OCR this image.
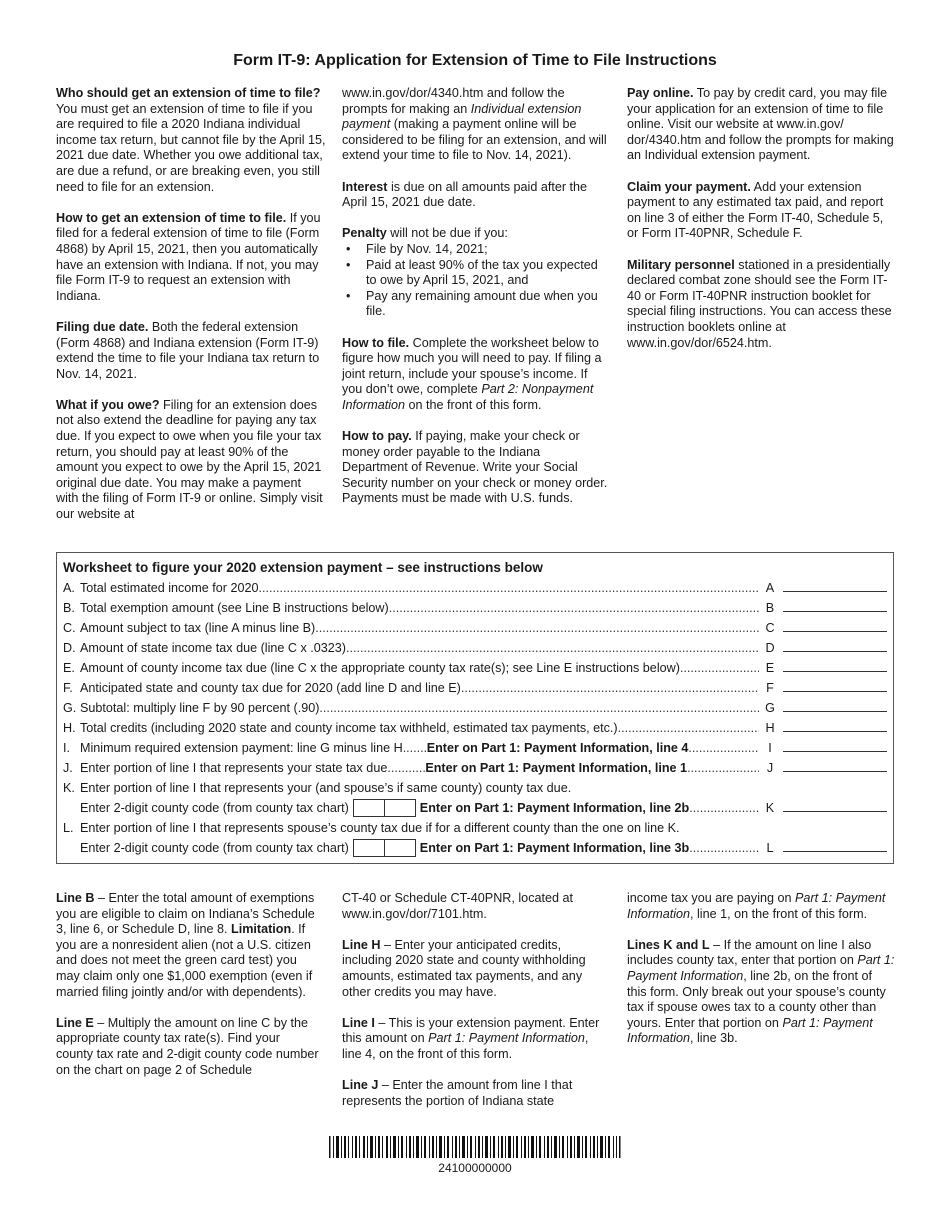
Form IT-9: Application for Extension of Time to File Instructions

Who should get an extension of time to file? You must get an extension of time to file if you are required to file a 2020 Indiana individual income tax return, but cannot file by the April 15, 2021 due date. Whether you owe additional tax, are due a refund, or are breaking even, you still need to file for an extension.

How to get an extension of time to file. If you filed for a federal extension of time to file (Form 4868) by April 15, 2021, then you automatically have an extension with Indiana. If not, you may file Form IT-9 to request an extension with Indiana.

Filing due date. Both the federal extension (Form 4868) and Indiana extension (Form IT-9) extend the time to file your Indiana tax return to Nov. 14, 2021.

What if you owe? Filing for an extension does not also extend the deadline for paying any tax due. If you expect to owe when you file your tax return, you should pay at least 90% of the amount you expect to owe by the April 15, 2021 original due date. You may make a payment with the filing of Form IT-9 or online. Simply visit our website at

www.in.gov/dor/4340.htm and follow the prompts for making an Individual extension payment (making a payment online will be considered to be filing for an extension, and will extend your time to file to Nov. 14, 2021).

Interest is due on all amounts paid after the April 15, 2021 due date.

Penalty will not be due if you:

• File by Nov. 14, 2021;
• Paid at least 90% of the tax you expected to owe by April 15, 2021, and
• Pay any remaining amount due when you file.

How to file. Complete the worksheet below to figure how much you will need to pay. If filing a joint return, include your spouse’s income. If you don’t owe, complete Part 2: Nonpayment Information on the front of this form.

How to pay. If paying, make your check or money order payable to the Indiana Department of Revenue. Write your Social Security number on your check or money order. Payments must be made with U.S. funds.

Pay online. To pay by credit card, you may file your application for an extension of time to file online. Visit our website at www.in.gov/ dor/4340.htm and follow the prompts for making an Individual extension payment.

Claim your payment. Add your extension payment to any estimated tax paid, and report on line 3 of either the Form IT-40, Schedule 5, or Form IT-40PNR, Schedule F.

Military personnel stationed in a presidentially declared combat zone should see the Form IT-40 or Form IT-40PNR instruction booklet for special filing instructions. You can access these instruction booklets online at www.in.gov/dor/6524.htm.

Worksheet to figure your 2020 extension payment – see instructions below
A. Total estimated income for 2020 .....	A
B. Total exemption amount (see Line B instructions below) .....	B
C. Amount subject to tax (line A minus line B) .....	C
D. Amount of state income tax due (line C x .0323) .....	D
E. Amount of county income tax due (line C x the appropriate county tax rate(s); see Line E instructions below) .....	E
F. Anticipated state and county tax due for 2020 (add line D and line E) .....	F
G. Subtotal: multiply line F by 90 percent (.90) .....	G
H. Total credits (including 2020 state and county income tax withheld, estimated tax payments, etc.) .....	H
I. Minimum required extension payment: line G minus line H ..... Enter on Part 1: Payment Information, line 4 .....	I
J. Enter portion of line I that represents your state tax due .....	Enter on Part 1: Payment Information, line 1 .....	J
K. Enter portion of line I that represents your (and spouse’s if same county) county tax due.
Enter 2-digit county code (from county tax chart)	Enter on Part 1: Payment Information, line 2b .....	K
L. Enter portion of line I that represents spouse’s county tax due if for a different county than the one on line K.
Enter 2-digit county code (from county tax chart)	Enter on Part 1: Payment Information, line 3b .....	L

Line B – Enter the total amount of exemptions you are eligible to claim on Indiana’s Schedule 3, line 6, or Schedule D, line 8. Limitation. If you are a nonresident alien (not a U.S. citizen and does not meet the green card test) you may claim only one $1,000 exemption (even if married filing jointly and/or with dependents).

Line E – Multiply the amount on line C by the appropriate county tax rate(s). Find your county tax rate and 2-digit county code number on the chart on page 2 of Schedule

CT-40 or Schedule CT-40PNR, located at www.in.gov/dor/7101.htm.

Line H – Enter your anticipated credits, including 2020 state and county withholding amounts, estimated tax payments, and any other credits you may have.

Line I – This is your extension payment. Enter this amount on Part 1: Payment Information, line 4, on the front of this form.

Line J – Enter the amount from line I that represents the portion of Indiana state

income tax you are paying on Part 1: Payment Information, line 1, on the front of this form.

Lines K and L – If the amount on line I also includes county tax, enter that portion on Part 1: Payment Information, line 2b, on the front of this form. Only break out your spouse’s county tax if spouse owes tax to a county other than yours. Enter that portion on Part 1: Payment Information, line 3b.

24100000000
